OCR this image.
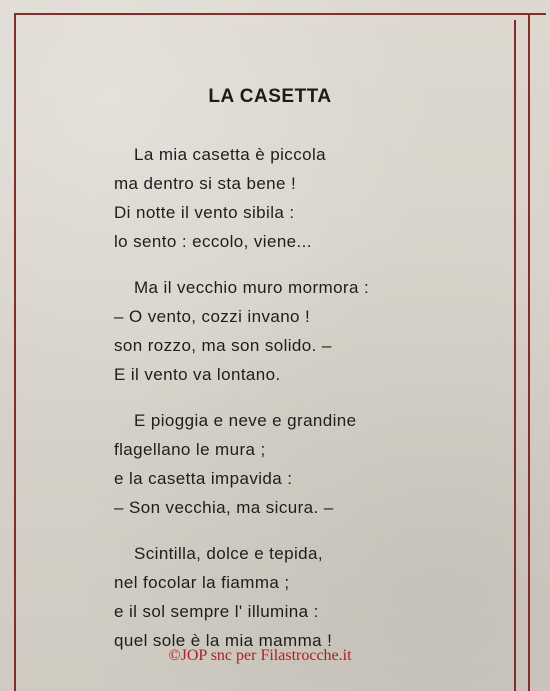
LA CASETTA
La mia casetta è piccola
ma dentro si sta bene !
Di notte il vento sibila :
lo sento : eccolo, viene...
Ma il vecchio muro mormora :
– O vento, cozzi invano !
son rozzo, ma son solido. –
E il vento va lontano.
E pioggia e neve e grandine
flagellano le mura ;
e la casetta impavida :
– Son vecchia, ma sicura. –
Scintilla, dolce e tepida,
nel focolar la fiamma ;
e il sol sempre l' illumina :
quel sole è la mia mamma !
©JOP snc per Filastrocche.it
